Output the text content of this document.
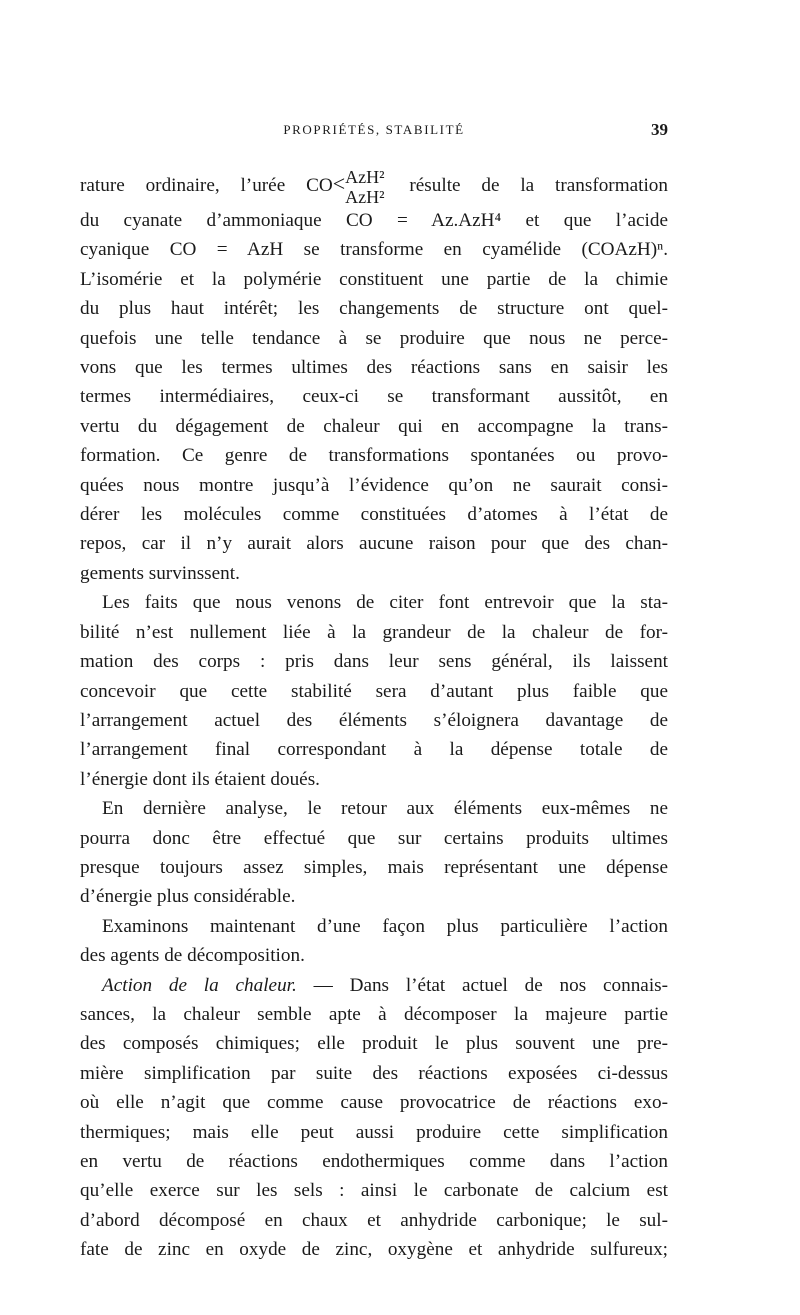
PROPRIÉTÉS, STABILITÉ	39
rature ordinaire, l’urée CO< AzH²
AzH²
résulte de la transformation
du cyanate d’ammoniaque CO = Az.AzH⁴ et que l’acide
cyanique CO = AzH se transforme en cyamélide (COAzH)ⁿ.
L’isomérie et la polymérie constituent une partie de la chimie
du plus haut intérêt; les changements de structure ont quel-
quefois une telle tendance à se produire que nous ne perce-
vons que les termes ultimes des réactions sans en saisir les
termes intermédiaires, ceux-ci se transformant aussitôt, en
vertu du dégagement de chaleur qui en accompagne la trans-
formation. Ce genre de transformations spontanées ou provo-
quées nous montre jusqu’à l’évidence qu’on ne saurait consi-
dérer les molécules comme constituées d’atomes à l’état de
repos, car il n’y aurait alors aucune raison pour que des chan-
gements survinssent.
Les faits que nous venons de citer font entrevoir que la sta-
bilité n’est nullement liée à la grandeur de la chaleur de for-
mation des corps : pris dans leur sens général, ils laissent
concevoir que cette stabilité sera d’autant plus faible que
l’arrangement actuel des éléments s’éloignera davantage de
l’arrangement final correspondant à la dépense totale de
l’énergie dont ils étaient doués.
En dernière analyse, le retour aux éléments eux-mêmes ne
pourra donc être effectué que sur certains produits ultimes
presque toujours assez simples, mais représentant une dépense
d’énergie plus considérable.
Examinons maintenant d’une façon plus particulière l’action
des agents de décomposition.
Action de la chaleur. — Dans l’état actuel de nos connais-
sances, la chaleur semble apte à décomposer la majeure partie
des composés chimiques; elle produit le plus souvent une pre-
mière simplification par suite des réactions exposées ci-dessus
où elle n’agit que comme cause provocatrice de réactions exo-
thermiques; mais elle peut aussi produire cette simplification
en vertu de réactions endothermiques comme dans l’action
qu’elle exerce sur les sels : ainsi le carbonate de calcium est
d’abord décomposé en chaux et anhydride carbonique; le sul-
fate de zinc en oxyde de zinc, oxygène et anhydride sulfureux;
